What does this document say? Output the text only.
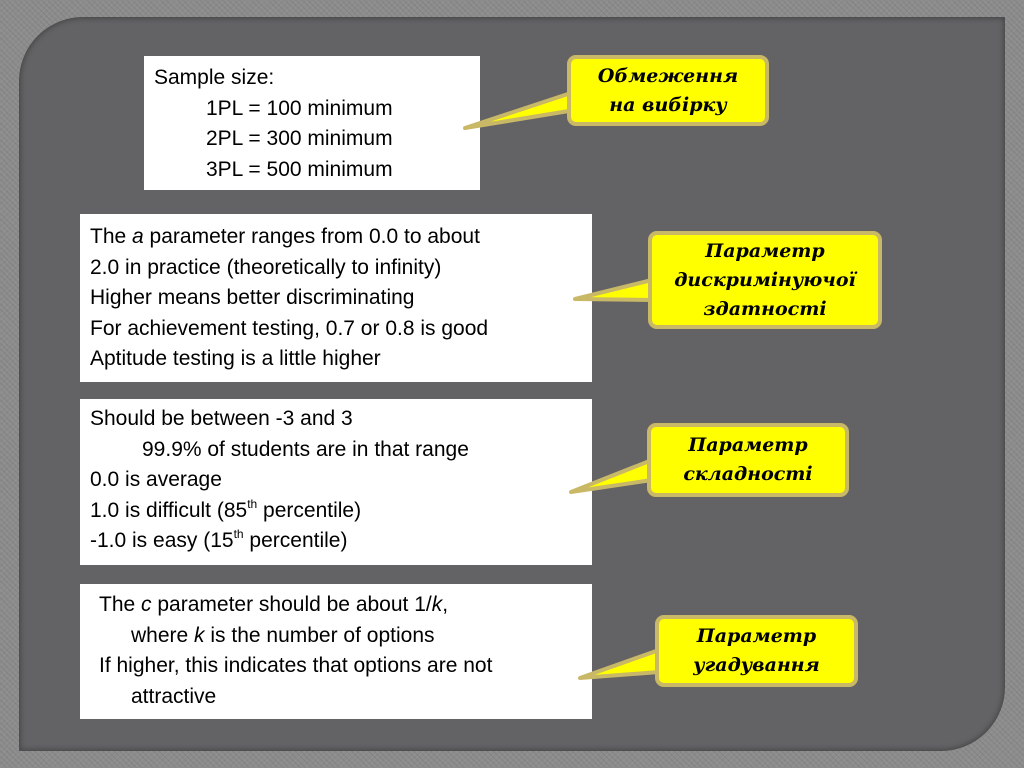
Sample size:
1PL = 100 minimum
2PL = 300 minimum
3PL = 500 minimum
The a parameter ranges from 0.0 to about
2.0 in practice (theoretically to infinity)
Higher means better discriminating
For achievement testing, 0.7 or 0.8 is good
Aptitude testing is a little higher
Should be between -3 and 3
99.9% of students are in that range
0.0 is average
1.0 is difficult (85th percentile)
-1.0 is easy (15th percentile)
The c parameter should be about 1/k,
where k is the number of options
If higher, this indicates that options are not
attractive
Обмеження
на вибірку
Параметр
дискримінуючої
здатності
Параметр
складності
Параметр
угадування
